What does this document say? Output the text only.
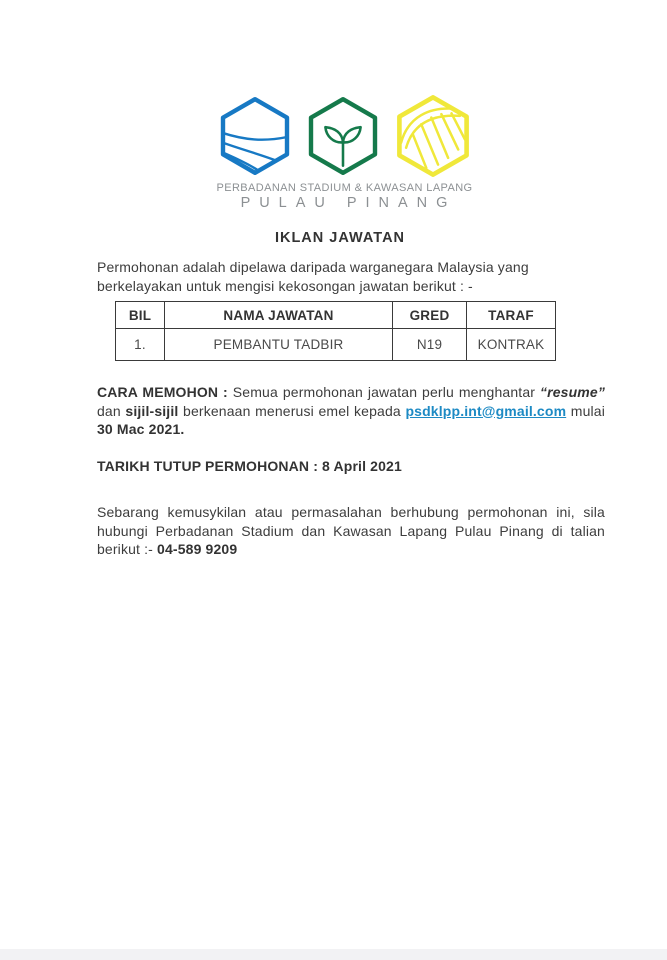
PERBADANAN STADIUM & KAWASAN LAPANG
PULAU PINANG
IKLAN JAWATAN

Permohonan adalah dipelawa daripada warganegara Malaysia yang berkelayakan untuk mengisi kekosongan jawatan berikut : -

BIL	NAMA JAWATAN	GRED	TARAF
1.	PEMBANTU TADBIR	N19	KONTRAK

CARA MEMOHON : Semua permohonan jawatan perlu menghantar “resume” dan sijil-sijil berkenaan menerusi emel kepada psdklpp.int@gmail.com mulai 30 Mac 2021.

TARIKH TUTUP PERMOHONAN : 8 April 2021

Sebarang kemusykilan atau permasalahan berhubung permohonan ini, sila hubungi Perbadanan Stadium dan Kawasan Lapang Pulau Pinang di talian berikut :- 04-589 9209
